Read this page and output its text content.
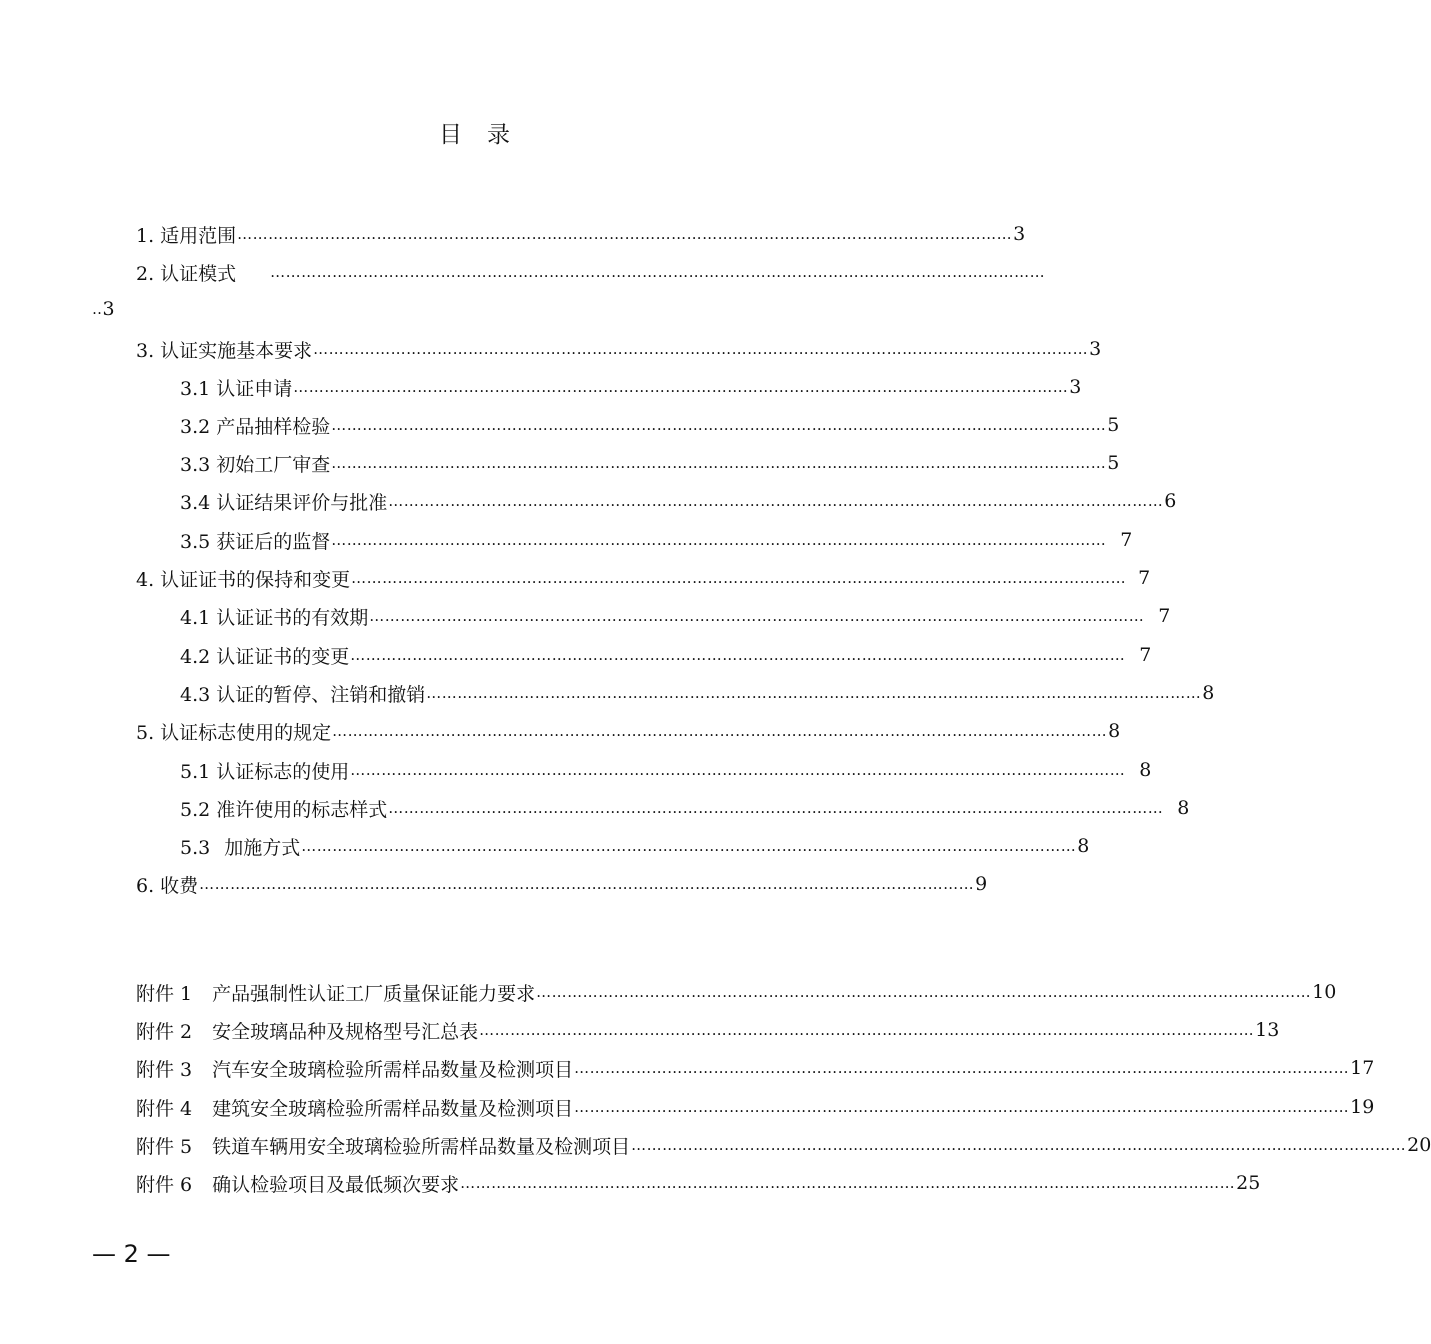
目　录
1. 适用范围 …………………………………………………………………………………………………………………………………… 3
2. 认证模式 ……………………………………………………………………………………………………………………………………
‥ 3
3. 认证实施基本要求 …………………………………………………………………………………………………………………………………… 3
3.1 认证申请 …………………………………………………………………………………………………………………………………… 3
3.2 产品抽样检验 …………………………………………………………………………………………………………………………………… 5
3.3 初始工厂审查 …………………………………………………………………………………………………………………………………… 5
3.4 认证结果评价与批准 …………………………………………………………………………………………………………………………………… 6
3.5 获证后的监督 …………………………………………………………………………………………………………………………………… 7
4. 认证证书的保持和变更 …………………………………………………………………………………………………………………………………… 7
4.1 认证证书的有效期 …………………………………………………………………………………………………………………………………… 7
4.2 认证证书的变更 …………………………………………………………………………………………………………………………………… 7
4.3 认证的暂停、注销和撤销 …………………………………………………………………………………………………………………………………… 8
5. 认证标志使用的规定 …………………………………………………………………………………………………………………………………… 8
5.1 认证标志的使用 …………………………………………………………………………………………………………………………………… 8
5.2 准许使用的标志样式 …………………………………………………………………………………………………………………………………… 8
5.3 加施方式 …………………………………………………………………………………………………………………………………… 8
6. 收费 …………………………………………………………………………………………………………………………………… 9
附件 1 产品强制性认证工厂质量保证能力要求 …………………………………………………………………………………………………………………………………… 10
附件 2 安全玻璃品种及规格型号汇总表 …………………………………………………………………………………………………………………………………… 13
附件 3 汽车安全玻璃检验所需样品数量及检测项目 …………………………………………………………………………………………………………………………………… 17
附件 4 建筑安全玻璃检验所需样品数量及检测项目 …………………………………………………………………………………………………………………………………… 19
附件 5 铁道车辆用安全玻璃检验所需样品数量及检测项目 …………………………………………………………………………………………………………………………………… 20
附件 6 确认检验项目及最低频次要求 …………………………………………………………………………………………………………………………………… 25
— 2 —
